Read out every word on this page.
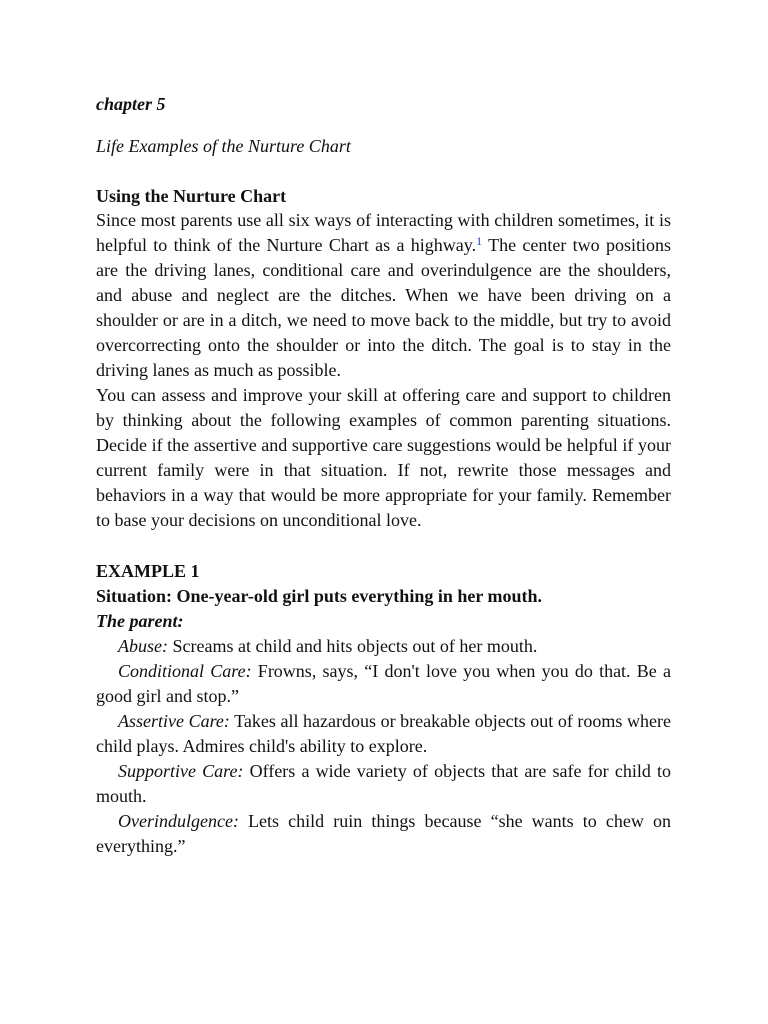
chapter 5
Life Examples of the Nurture Chart
Using the Nurture Chart

Since most parents use all six ways of interacting with children sometimes, it is helpful to think of the Nurture Chart as a highway.$^1$ The center two positions are the driving lanes, conditional care and overindulgence are the shoulders, and abuse and neglect are the ditches. When we have been driving on a shoulder or are in a ditch, we need to move back to the middle, but try to avoid overcorrecting onto the shoulder or into the ditch. The goal is to stay in the driving lanes as much as possible.

You can assess and improve your skill at offering care and support to children by thinking about the following examples of common parenting situations. Decide if the assertive and supportive care suggestions would be helpful if your current family were in that situation. If not, rewrite those messages and behaviors in a way that would be more appropriate for your family. Remember to base your decisions on unconditional love.

EXAMPLE 1
Situation: One-year-old girl puts everything in her mouth.
The parent:
Abuse: Screams at child and hits objects out of her mouth.
Conditional Care: Frowns, says, “I don't love you when you do that. Be a good girl and stop.”
Assertive Care: Takes all hazardous or breakable objects out of rooms where child plays. Admires child's ability to explore.
Supportive Care: Offers a wide variety of objects that are safe for child to mouth.
Overindulgence: Lets child ruin things because “she wants to chew on everything.”
